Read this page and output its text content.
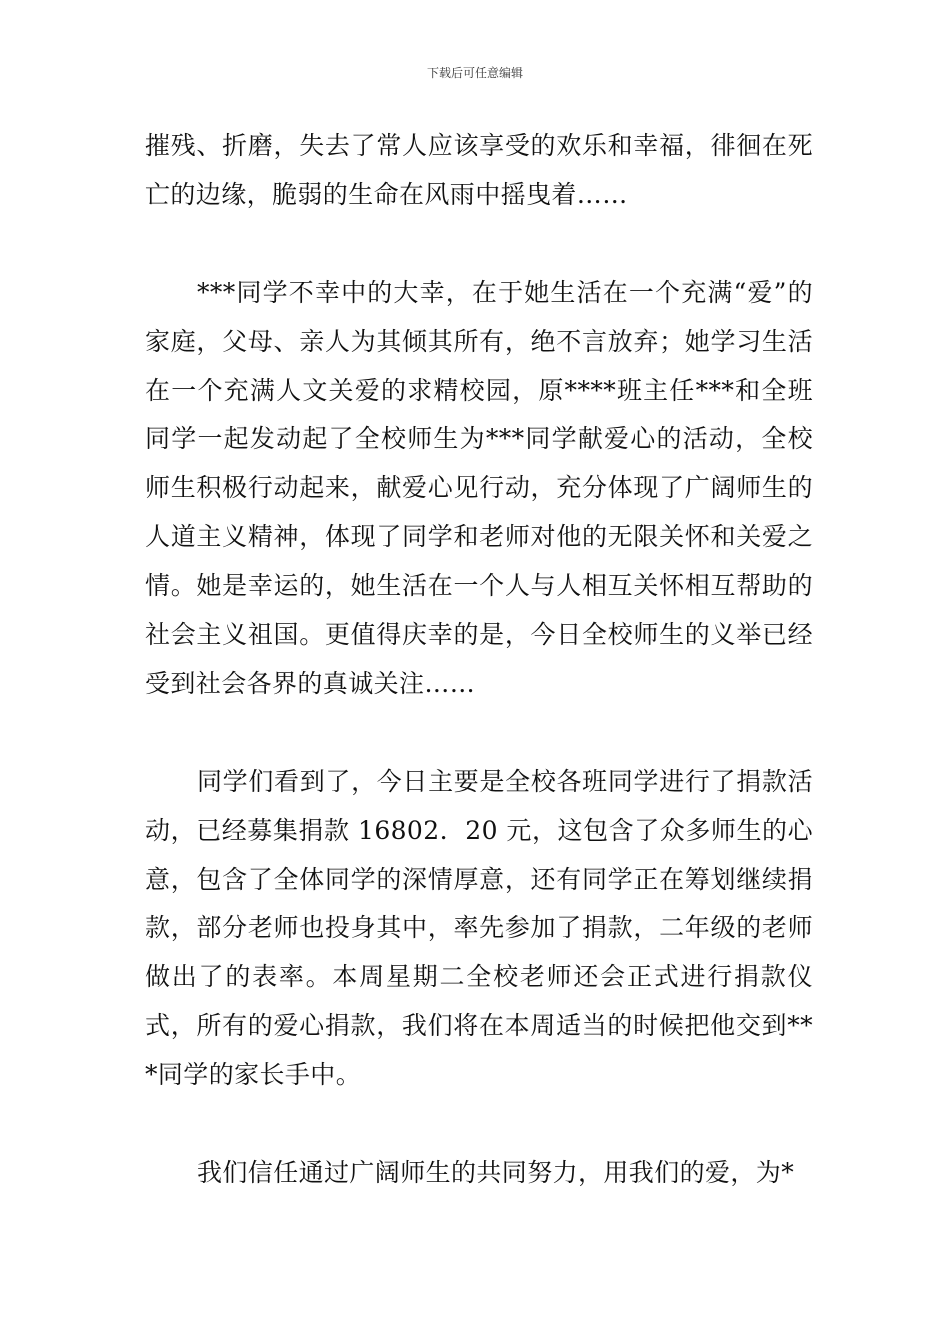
下载后可任意编辑

摧残、折磨，失去了常人应该享受的欢乐和幸福，徘徊在死亡的边缘，脆弱的生命在风雨中摇曳着……

***同学不幸中的大幸，在于她生活在一个充满“爱”的家庭，父母、亲人为其倾其所有，绝不言放弃；她学习生活在一个充满人文关爱的求精校园，原****班主任***和全班同学一起发动起了全校师生为***同学献爱心的活动，全校师生积极行动起来，献爱心见行动，充分体现了广阔师生的人道主义精神，体现了同学和老师对他的无限关怀和关爱之情。她是幸运的，她生活在一个人与人相互关怀相互帮助的社会主义祖国。更值得庆幸的是，今日全校师生的义举已经受到社会各界的真诚关注……

同学们看到了，今日主要是全校各班同学进行了捐款活动，已经募集捐款 16802．20 元，这包含了众多师生的心意，包含了全体同学的深情厚意，还有同学正在筹划继续捐款，部分老师也投身其中，率先参加了捐款，二年级的老师做出了的表率。本周星期二全校老师还会正式进行捐款仪式，所有的爱心捐款，我们将在本周适当的时候把他交到***同学的家长手中。

我们信任通过广阔师生的共同努力，用我们的爱，为*
